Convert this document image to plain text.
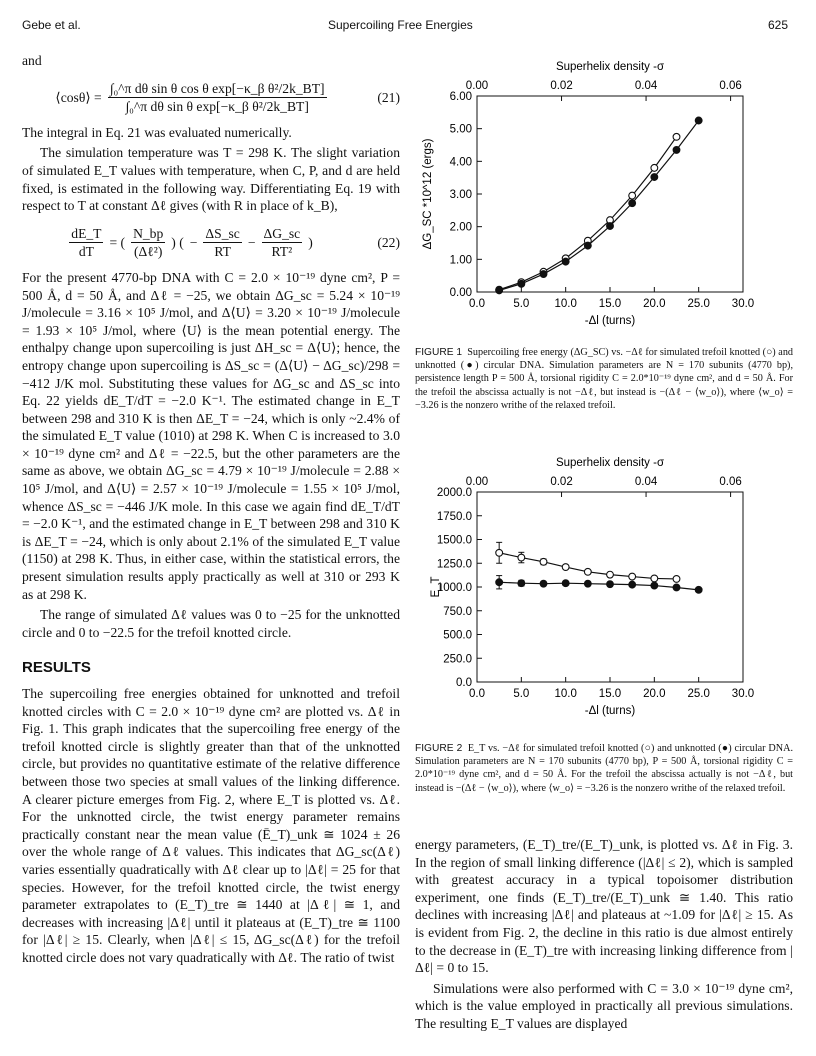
Gebe et al.	Supercoiling Free Energies	625

and

⟨cosθ⟩ = $\frac{\text{∫₀\textasciicircum{}π dθ sin θ cos θ exp[−κ\_β θ²/2k\_BT]}}{\text{∫₀\textasciicircum{}π dθ sin θ exp[−κ\_β θ²/2k\_BT]}}$	(21)

The integral in Eq. 21 was evaluated numerically.

The simulation temperature was T = 298 K. The slight variation of simulated E_T values with temperature, when C, P, and d are held fixed, is estimated in the following way. Differentiating Eq. 19 with respect to T at constant Δℓ gives (with R in place of k_B),

$\frac{dE\_T}{dT}$ = ( $\frac{N\_bp}{\text{(Δℓ²)}}$ ) ( − $\frac{\Delta S\_sc}{RT} - \frac{\Delta G\_sc}{\text{RT²}}$ )	(22)

For the present 4770-bp DNA with C = 2.0 × 10⁻¹⁹ dyne cm², P = 500 Å, d = 50 Å, and Δℓ = −25, we obtain ΔG_sc = 5.24 × 10⁻¹⁹ J/molecule = 3.16 × 10⁵ J/mol, and Δ⟨U⟩ = 3.20 × 10⁻¹⁹ J/molecule = 1.93 × 10⁵ J/mol, where ⟨U⟩ is the mean potential energy. The enthalpy change upon supercoiling is just ΔH_sc = Δ⟨U⟩; hence, the entropy change upon supercoiling is ΔS_sc = (Δ⟨U⟩ − ΔG_sc)/298 = −412 J/K mol. Substituting these values for ΔG_sc and ΔS_sc into Eq. 22 yields dE_T/dT = −2.0 K⁻¹. The estimated change in E_T between 298 and 310 K is then ΔE_T = −24, which is only ~2.4% of the simulated E_T value (1010) at 298 K. When C is increased to 3.0 × 10⁻¹⁹ dyne cm² and Δℓ = −22.5, but the other parameters are the same as above, we obtain ΔG_sc = 4.79 × 10⁻¹⁹ J/molecule = 2.88 × 10⁵ J/mol, and Δ⟨U⟩ = 2.57 × 10⁻¹⁹ J/molecule = 1.55 × 10⁵ J/mol, whence ΔS_sc = −446 J/K mole. In this case we again find dE_T/dT = −2.0 K⁻¹, and the estimated change in E_T between 298 and 310 K is ΔE_T = −24, which is only about 2.1% of the simulated E_T value (1150) at 298 K. Thus, in either case, within the statistical errors, the present simulation results apply practically as well at 310 or 293 K as at 298 K.

The range of simulated Δℓ values was 0 to −25 for the unknotted circle and 0 to −22.5 for the trefoil knotted circle.

RESULTS

The supercoiling free energies obtained for unknotted and trefoil knotted circles with C = 2.0 × 10⁻¹⁹ dyne cm² are plotted vs. Δℓ in Fig. 1. This graph indicates that the supercoiling free energy of the trefoil knotted circle is slightly greater than that of the unknotted circle, but provides no quantitative estimate of the relative difference between those two species at small values of the linking difference. A clearer picture emerges from Fig. 2, where E_T is plotted vs. Δℓ. For the unknotted circle, the twist energy parameter remains practically constant near the mean value (Ē_T)_unk ≅ 1024 ± 26 over the whole range of Δℓ values. This indicates that ΔG_sc(Δℓ) varies essentially quadratically with Δℓ clear up to |Δℓ| = 25 for that species. However, for the trefoil knotted circle, the twist energy parameter extrapolates to (E_T)_tre ≅ 1440 at |Δℓ| ≅ 1, and decreases with increasing |Δℓ| until it plateaus at (E_T)_tre ≅ 1100 for |Δℓ| ≥ 15. Clearly, when |Δℓ| ≤ 15, ΔG_sc(Δℓ) for the trefoil knotted circle does not vary quadratically with Δℓ. The ratio of twist

Superhelix density -σ
0.00	0.02	0.04	0.06
0.0 5.0 10.0 15.0 20.0 25.0 30.0
-Δl (turns)
0.00
1.00
2.00
3.00
4.00
5.00
6.00
ΔG_SC *10^12 (ergs)
FIGURE 1 Supercoiling free energy (ΔG_SC) vs. −Δℓ for simulated trefoil knotted (○) and unknotted (●) circular DNA. Simulation parameters are N = 170 subunits (4770 bp), persistence length P = 500 Å, torsional rigidity C = 2.0*10⁻¹⁹ dyne cm², and d = 50 Å. For the trefoil the abscissa actually is not −Δℓ, but instead is −(Δℓ − ⟨w_o⟩), where ⟨w_o⟩ = −3.26 is the nonzero writhe of the relaxed trefoil.
Superhelix density -σ
0.00	0.02	0.04	0.06
0.0 5.0 10.0 15.0 20.0 25.0 30.0
-Δl (turns)
0.0
250.0
500.0
750.0
1000.0
1250.0
1500.0
1750.0
2000.0
E_T
FIGURE 2 E_T vs. −Δℓ for simulated trefoil knotted (○) and unknotted (●) circular DNA. Simulation parameters are N = 170 subunits (4770 bp), P = 500 Å, torsional rigidity C = 2.0*10⁻¹⁹ dyne cm², and d = 50 Å. For the trefoil the abscissa actually is not −Δℓ, but instead is −(Δℓ − ⟨w_o⟩), where ⟨w_o⟩ = −3.26 is the nonzero writhe of the relaxed trefoil.

energy parameters, (E_T)_tre/(E_T)_unk, is plotted vs. Δℓ in Fig. 3. In the region of small linking difference (|Δℓ| ≤ 2), which is sampled with greatest accuracy in a typical topoisomer distribution experiment, one finds (E_T)_tre/(E_T)_unk ≅ 1.40. This ratio declines with increasing |Δℓ| and plateaus at ~1.09 for |Δℓ| ≥ 15. As is evident from Fig. 2, the decline in this ratio is due almost entirely to the decrease in (E_T)_tre with increasing linking difference from |Δℓ| = 0 to 15.

Simulations were also performed with C = 3.0 × 10⁻¹⁹ dyne cm², which is the value employed in practically all previous simulations. The resulting E_T values are displayed
